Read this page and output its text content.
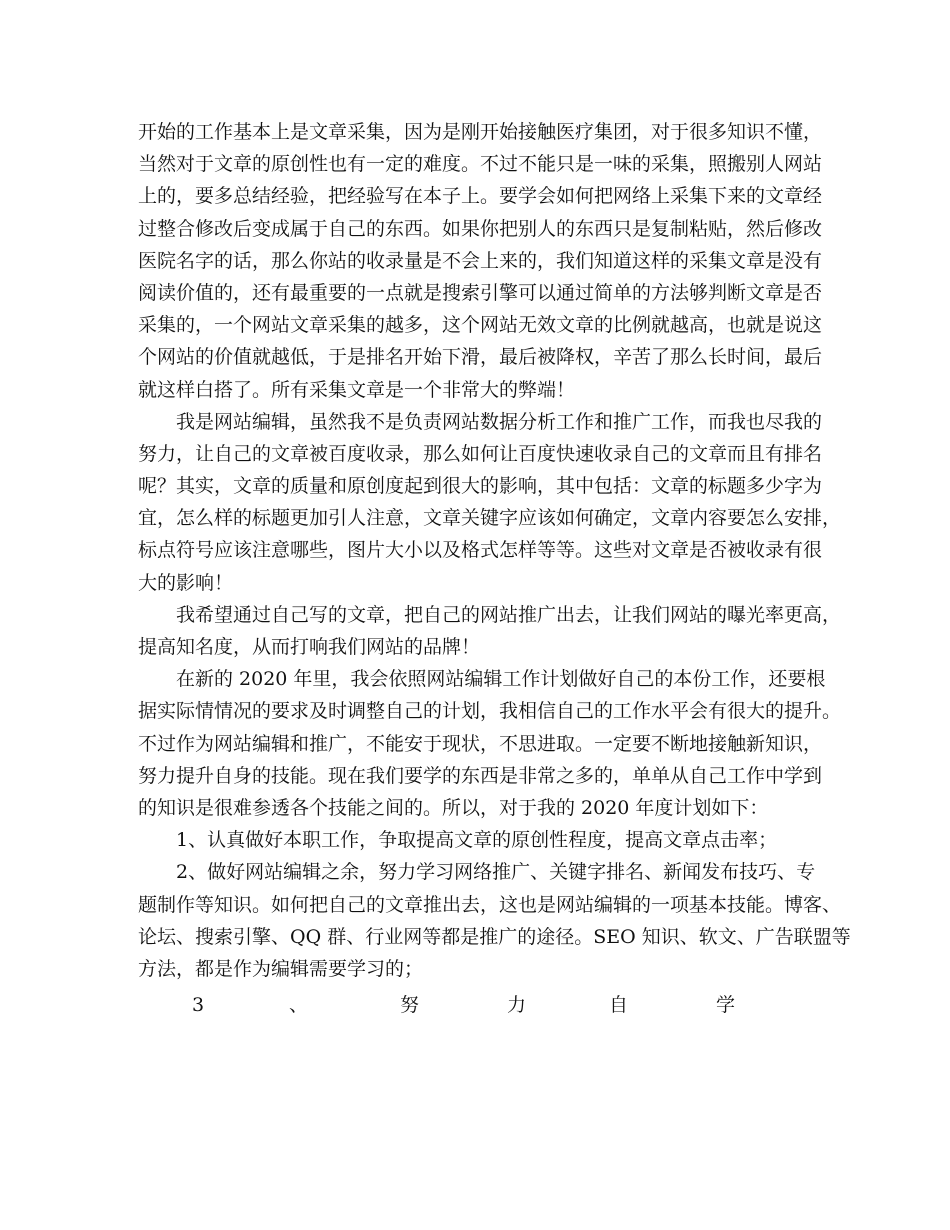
开始的工作基本上是文章采集，因为是刚开始接触医疗集团，对于很多知识不懂，
当然对于文章的原创性也有一定的难度。不过不能只是一味的采集，照搬别人网站
上的，要多总结经验，把经验写在本子上。要学会如何把网络上采集下来的文章经
过整合修改后变成属于自己的东西。如果你把别人的东西只是复制粘贴，然后修改
医院名字的话，那么你站的收录量是不会上来的，我们知道这样的采集文章是没有
阅读价值的，还有最重要的一点就是搜索引擎可以通过简单的方法够判断文章是否
采集的，一个网站文章采集的越多，这个网站无效文章的比例就越高，也就是说这
个网站的价值就越低，于是排名开始下滑，最后被降权，辛苦了那么长时间，最后
就这样白搭了。所有采集文章是一个非常大的弊端！
我是网站编辑，虽然我不是负责网站数据分析工作和推广工作，而我也尽我的
努力，让自己的文章被百度收录，那么如何让百度快速收录自己的文章而且有排名
呢？其实，文章的质量和原创度起到很大的影响，其中包括：文章的标题多少字为
宜，怎么样的标题更加引人注意，文章关键字应该如何确定，文章内容要怎么安排，
标点符号应该注意哪些，图片大小以及格式怎样等等。这些对文章是否被收录有很
大的影响！
我希望通过自己写的文章，把自己的网站推广出去，让我们网站的曝光率更高，
提高知名度，从而打响我们网站的品牌！
在新的 2020 年里，我会依照网站编辑工作计划做好自己的本份工作，还要根
据实际情情况的要求及时调整自己的计划，我相信自己的工作水平会有很大的提升。
不过作为网站编辑和推广，不能安于现状，不思进取。一定要不断地接触新知识，
努力提升自身的技能。现在我们要学的东西是非常之多的，单单从自己工作中学到
的知识是很难参透各个技能之间的。所以，对于我的 2020 年度计划如下：
1、认真做好本职工作，争取提高文章的原创性程度，提高文章点击率；
2、做好网站编辑之余，努力学习网络推广、关键字排名、新闻发布技巧、专
题制作等知识。如何把自己的文章推出去，这也是网站编辑的一项基本技能。博客、
论坛、搜索引擎、QQ 群、行业网等都是推广的途径。SEO 知识、软文、广告联盟等
方法，都是作为编辑需要学习的；
3	、	努	力	自	学
